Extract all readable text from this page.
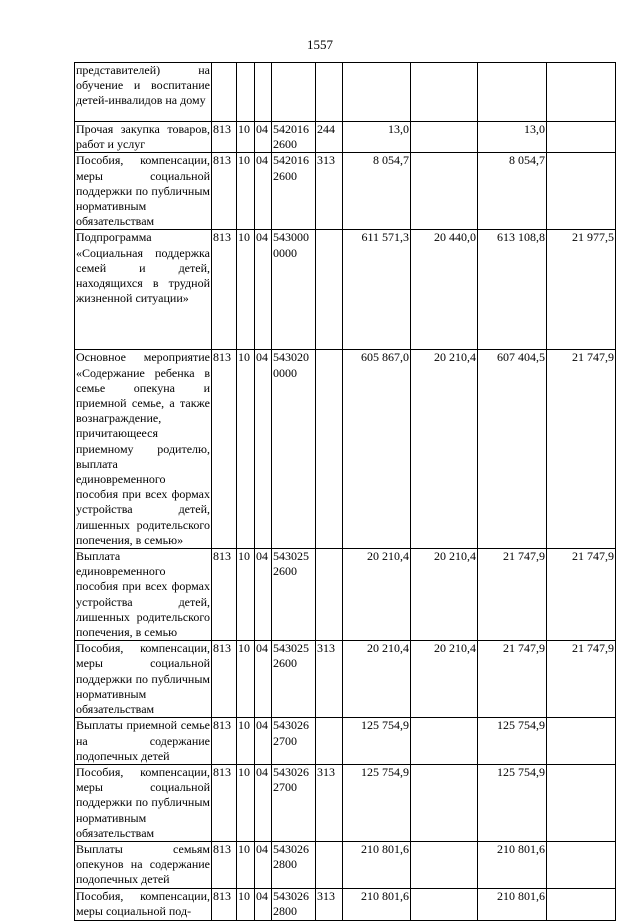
1557
представителей) на обучение и воспитание детей-инвалидов на дому									
Прочая закупка товаров, работ и услуг	813	10	04	5420162600	244	13,0		13,0	
Пособия, компенсации, меры социальной поддержки по публичным нормативным обязательствам	813	10	04	5420162600	313	8 054,7		8 054,7	
Подпрограмма «Социальная поддержка семей и детей, находящихся в трудной жизненной ситуации»	813	10	04	5430000000		611 571,3	20 440,0	613 108,8	21 977,5
Основное мероприятие «Содержание ребенка в семье опекуна и приемной семье, а также вознаграждение, причитающееся приемному родителю, выплата единовременного пособия при всех формах устройства детей, лишенных родительского попечения, в семью»	813	10	04	5430200000		605 867,0	20 210,4	607 404,5	21 747,9
Выплата единовременного пособия при всех формах устройства детей, лишенных родительского попечения, в семью	813	10	04	5430252600		20 210,4	20 210,4	21 747,9	21 747,9
Пособия, компенсации, меры социальной поддержки по публичным нормативным обязательствам	813	10	04	5430252600	313	20 210,4	20 210,4	21 747,9	21 747,9
Выплаты приемной семье на содержание подопечных детей	813	10	04	5430262700		125 754,9		125 754,9	
Пособия, компенсации, меры социальной поддержки по публичным нормативным обязательствам	813	10	04	5430262700	313	125 754,9		125 754,9	
Выплаты семьям опекунов на содержание подопечных детей	813	10	04	5430262800		210 801,6		210 801,6	
Пособия, компенсации, меры социальной под-	813	10	04	5430262800	313	210 801,6		210 801,6	
